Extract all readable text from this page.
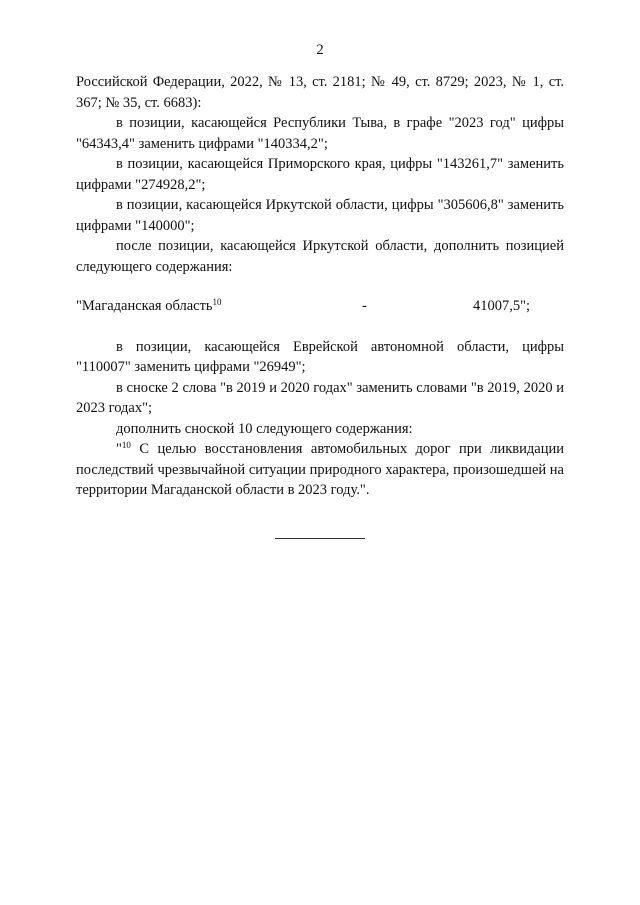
2

Российской Федерации, 2022, № 13, ст. 2181; № 49, ст. 8729; 2023, № 1, ст. 367; № 35, ст. 6683):

в позиции, касающейся Республики Тыва, в графе "2023 год" цифры "64343,4" заменить цифрами "140334,2";

в позиции, касающейся Приморского края, цифры "143261,7" заменить цифрами "274928,2";

в позиции, касающейся Иркутской области, цифры "305606,8" заменить цифрами "140000";

после позиции, касающейся Иркутской области, дополнить позицией следующего содержания:

"Магаданская область$^{10}$	-	41007,5";

в позиции, касающейся Еврейской автономной области, цифры "110007" заменить цифрами "26949";

в сноске 2 слова "в 2019 и 2020 годах" заменить словами "в 2019, 2020 и 2023 годах";

дополнить сноской 10 следующего содержания:

"$^{10}$ С целью восстановления автомобильных дорог при ликвидации последствий чрезвычайной ситуации природного характера, произошедшей на территории Магаданской области в 2023 году.".
